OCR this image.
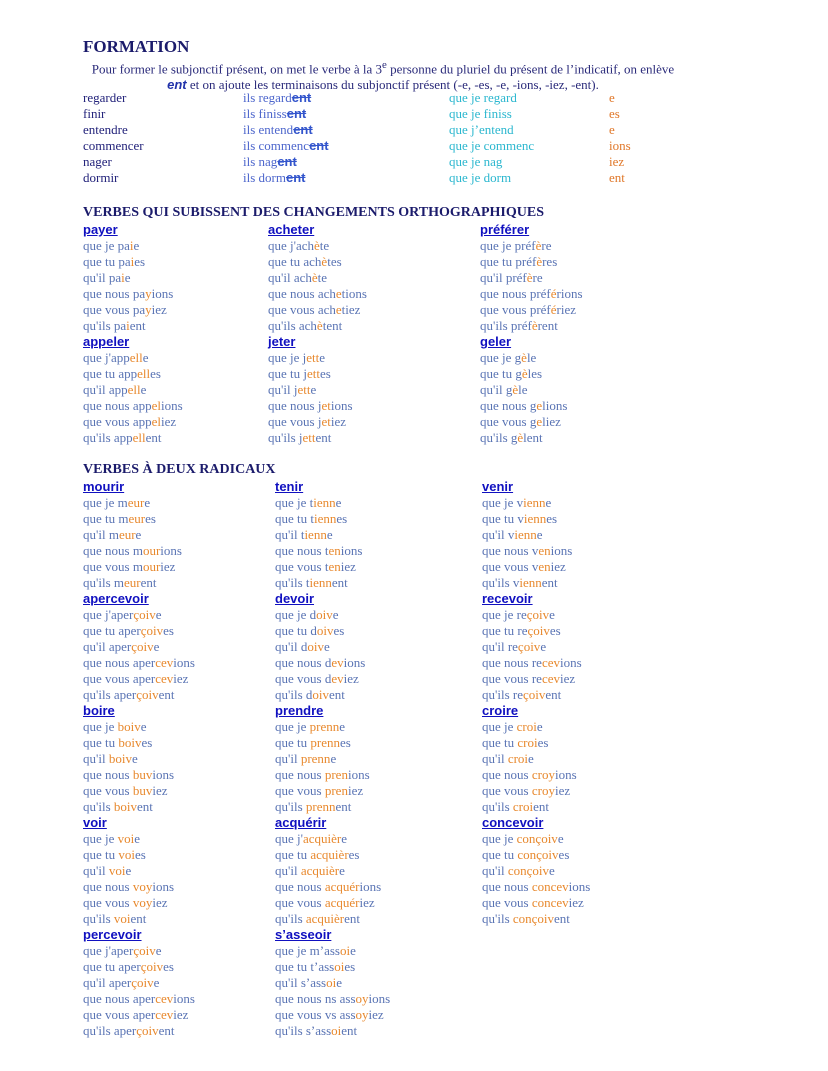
FORMATION
Pour former le subjonctif présent, on met le verbe à la 3e personne du pluriel du présent de l’indicatif, on enlève ent et on ajoute les terminaisons du subjonctif présent (-e, -es, -e, -ions, -iez, -ent).
regarder	ils regardent	que je regard	e
finir	ils finissent	que je finiss	es
entendre	ils entendent	que j’entend	e
commencer	ils commencent	que je commenc	ions
nager	ils nagent	que je nag	iez
dormir	ils dorment	que je dorm	ent
VERBES QUI SUBISSENT DES CHANGEMENTS ORTHOGRAPHIQUES
payer
que je paie
que tu paies
qu'il paie
que nous payions
que vous payiez
qu'ils paient
acheter
que j'achète
que tu achètes
qu'il achète
que nous achetions
que vous achetiez
qu'ils achètent
préférer
que je préfère
que tu préfères
qu'il préfère
que nous préférions
que vous préfériez
qu'ils préfèrent
appeler
que j'appelle
que tu appelles
qu'il appelle
que nous appelions
que vous appeliez
qu'ils appellent
jeter
que je jette
que tu jettes
qu'il jette
que nous jetions
que vous jetiez
qu'ils jettent
geler
que je gèle
que tu gèles
qu'il gèle
que nous gelions
que vous geliez
qu'ils gèlent
VERBES À DEUX RADICAUX
mourir
que je meure
que tu meures
qu'il meure
que nous mourions
que vous mouriez
qu'ils meurent
tenir
que je tienne
que tu tiennes
qu'il tienne
que nous tenions
que vous teniez
qu'ils tiennent
venir
que je vienne
que tu viennes
qu'il vienne
que nous venions
que vous veniez
qu'ils viennent
apercevoir
que j'aperçoive
que tu aperçoives
qu'il aperçoive
que nous apercevions
que vous aperceviez
qu'ils aperçoivent
devoir
que je doive
que tu doives
qu'il doive
que nous devions
que vous deviez
qu'ils doivent
recevoir
que je reçoive
que tu reçoives
qu'il reçoive
que nous recevions
que vous receviez
qu'ils reçoivent
boire
que je boive
que tu boives
qu'il boive
que nous buvions
que vous buviez
qu'ils boivent
prendre
que je prenne
que tu prennes
qu'il prenne
que nous prenions
que vous preniez
qu'ils prennent
croire
que je croie
que tu croies
qu'il croie
que nous croyions
que vous croyiez
qu'ils croient
voir
que je voie
que tu voies
qu'il voie
que nous voyions
que vous voyiez
qu'ils voient
acquérir
que j'acquière
que tu acquières
qu'il acquière
que nous acquérions
que vous acquériez
qu'ils acquièrent
concevoir
que je conçoive
que tu conçoives
qu'il conçoive
que nous concevions
que vous conceviez
qu'ils conçoivent
percevoir
que j'aperçoive
que tu aperçoives
qu'il aperçoive
que nous apercevions
que vous aperceviez
qu'ils aperçoivent
s’asseoir
que je m’assoie
que tu t’assoies
qu'il s’assoie
que nous ns assoyions
que vous vs assoyiez
qu'ils s’assoient
